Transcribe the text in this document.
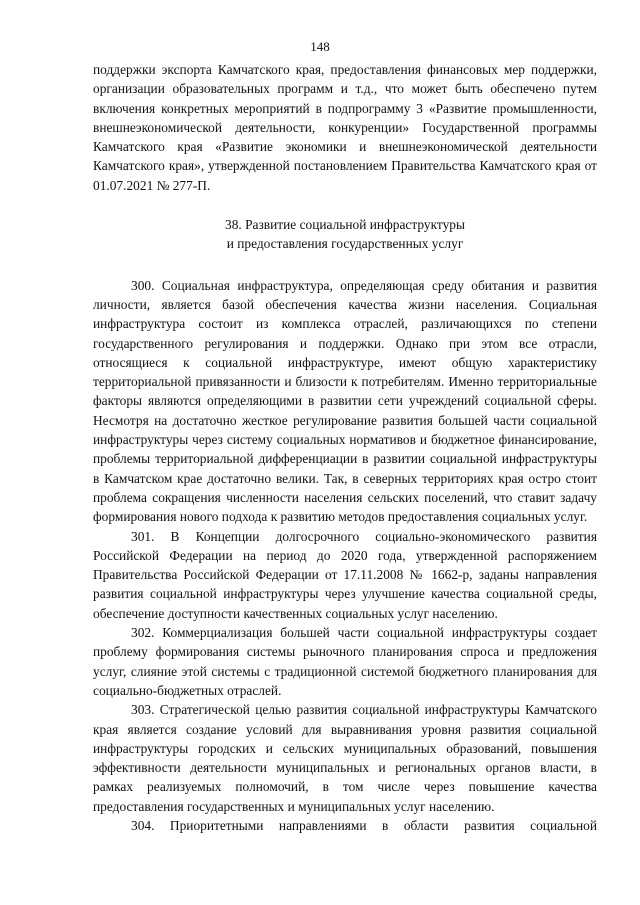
148

поддержки экспорта Камчатского края, предоставления финансовых мер поддержки, организации образовательных программ и т.д., что может быть обеспечено путем включения конкретных мероприятий в подпрограмму 3 «Развитие промышленности, внешнеэкономической деятельности, конкуренции» Государственной программы Камчатского края «Развитие экономики и внешнеэкономической деятельности Камчатского края», утвержденной постановлением Правительства Камчатского края от 01.07.2021 № 277-П.

38. Развитие социальной инфраструктуры
и предоставления государственных услуг

300. Социальная инфраструктура, определяющая среду обитания и развития личности, является базой обеспечения качества жизни населения. Социальная инфраструктура состоит из комплекса отраслей, различающихся по степени государственного регулирования и поддержки. Однако при этом все отрасли, относящиеся к социальной инфраструктуре, имеют общую характеристику территориальной привязанности и близости к потребителям. Именно территориальные факторы являются определяющими в развитии сети учреждений социальной сферы. Несмотря на достаточно жесткое регулирование развития большей части социальной инфраструктуры через систему социальных нормативов и бюджетное финансирование, проблемы территориальной дифференциации в развитии социальной инфраструктуры в Камчатском крае достаточно велики. Так, в северных территориях края остро стоит проблема сокращения численности населения сельских поселений, что ставит задачу формирования нового подхода к развитию методов предоставления социальных услуг.

301. В Концепции долгосрочного социально-экономического развития Российской Федерации на период до 2020 года, утвержденной распоряжением Правительства Российской Федерации от 17.11.2008 № 1662-р, заданы направления развития социальной инфраструктуры через улучшение качества социальной среды, обеспечение доступности качественных социальных услуг населению.

302. Коммерциализация большей части социальной инфраструктуры создает проблему формирования системы рыночного планирования спроса и предложения услуг, слияние этой системы с традиционной системой бюджетного планирования для социально-бюджетных отраслей.

303. Стратегической целью развития социальной инфраструктуры Камчатского края является создание условий для выравнивания уровня развития социальной инфраструктуры городских и сельских муниципальных образований, повышения эффективности деятельности муниципальных и региональных органов власти, в рамках реализуемых полномочий, в том числе через повышение качества предоставления государственных и муниципальных услуг населению.

304. Приоритетными направлениями в области развития социальной
